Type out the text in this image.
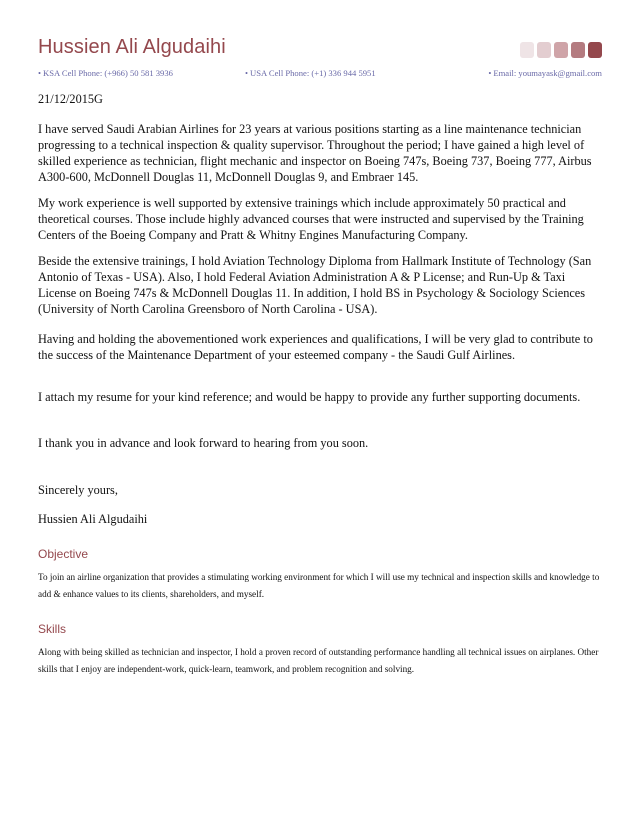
Hussien Ali Algudaihi
• KSA Cell Phone: (+966) 50 581 3936	• USA Cell Phone: (+1) 336 944 5951	• Email: youmayask@gmail.com
21/12/2015G
I have served Saudi Arabian Airlines for 23 years at various positions starting as a line maintenance technician progressing to a technical inspection & quality supervisor. Throughout the period; I have gained a high level of skilled experience as technician, flight mechanic and inspector on Boeing 747s, Boeing 737, Boeing 777, Airbus A300-600, McDonnell Douglas 11, McDonnell Douglas 9, and Embraer 145.
My work experience is well supported by extensive trainings which include approximately 50 practical and theoretical courses. Those include highly advanced courses that were instructed and supervised by the Training Centers of the Boeing Company and Pratt & Whitny Engines Manufacturing Company.
Beside the extensive trainings, I hold Aviation Technology Diploma from Hallmark Institute of Technology (San Antonio of Texas - USA). Also, I hold Federal Aviation Administration A & P License; and Run-Up & Taxi License on Boeing 747s & McDonnell Douglas 11. In addition, I hold BS in Psychology & Sociology Sciences (University of North Carolina Greensboro of North Carolina - USA).
Having and holding the abovementioned work experiences and qualifications, I will be very glad to contribute to the success of the Maintenance Department of your esteemed company - the Saudi Gulf Airlines.
I attach my resume for your kind reference; and would be happy to provide any further supporting documents.
I thank you in advance and look forward to hearing from you soon.
Sincerely yours,
Hussien Ali Algudaihi
Objective
To join an airline organization that provides a stimulating working environment for which I will use my technical and inspection skills and knowledge to add & enhance values to its clients, shareholders, and myself.
Skills
Along with being skilled as technician and inspector, I hold a proven record of outstanding performance handling all technical issues on airplanes. Other skills that I enjoy are independent-work, quick-learn, teamwork, and problem recognition and solving.
